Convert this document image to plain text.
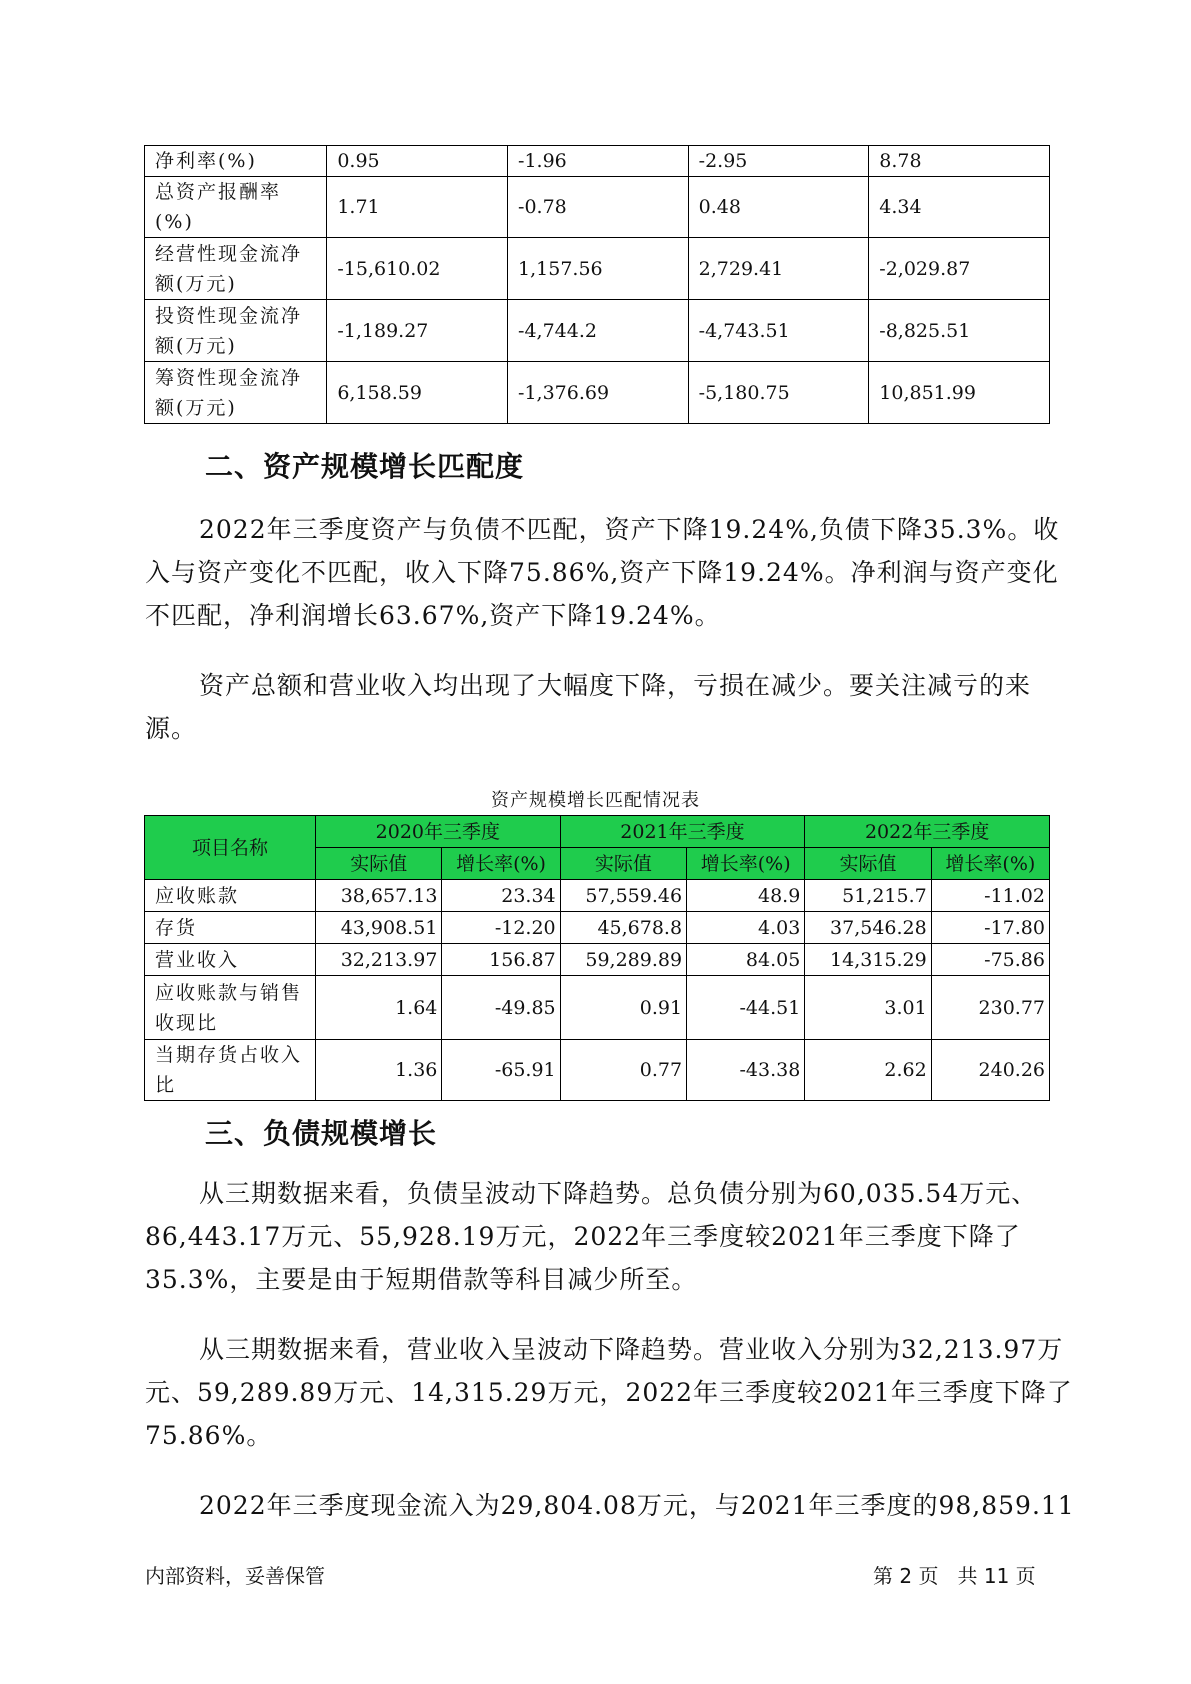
净利率(%)	0.95	-1.96	-2.95	8.78
总资产报酬率(%)	1.71	-0.78	0.48	4.34
经营性现金流净额(万元)	-15,610.02	1,157.56	2,729.41	-2,029.87
投资性现金流净额(万元)	-1,189.27	-4,744.2	-4,743.51	-8,825.51
筹资性现金流净额(万元)	6,158.59	-1,376.69	-5,180.75	10,851.99
二、资产规模增长匹配度

2022年三季度资产与负债不匹配，资产下降19.24%,负债下降35.3%。收入与资产变化不匹配，收入下降75.86%,资产下降19.24%。净利润与资产变化不匹配，净利润增长63.67%,资产下降19.24%。

资产总额和营业收入均出现了大幅度下降，亏损在减少。要关注减亏的来源。

资产规模增长匹配情况表
项目名称	2020年三季度		2021年三季度		2022年三季度	
	实际值	增长率(%)	实际值	增长率(%)	实际值	增长率(%)
应收账款	38,657.13	23.34	57,559.46	48.9	51,215.7	-11.02
存货	43,908.51	-12.20	45,678.8	4.03	37,546.28	-17.80
营业收入	32,213.97	156.87	59,289.89	84.05	14,315.29	-75.86
应收账款与销售收现比	1.64	-49.85	0.91	-44.51	3.01	230.77
当期存货占收入比	1.36	-65.91	0.77	-43.38	2.62	240.26
三、负债规模增长

从三期数据来看，负债呈波动下降趋势。总负债分别为60,035.54万元、86,443.17万元、55,928.19万元，2022年三季度较2021年三季度下降了35.3%，主要是由于短期借款等科目减少所至。

从三期数据来看，营业收入呈波动下降趋势。营业收入分别为32,213.97万元、59,289.89万元、14,315.29万元，2022年三季度较2021年三季度下降了75.86%。

2022年三季度现金流入为29,804.08万元，与2021年三季度的98,859.11

内部资料，妥善保管	第 2 页   共 11 页
